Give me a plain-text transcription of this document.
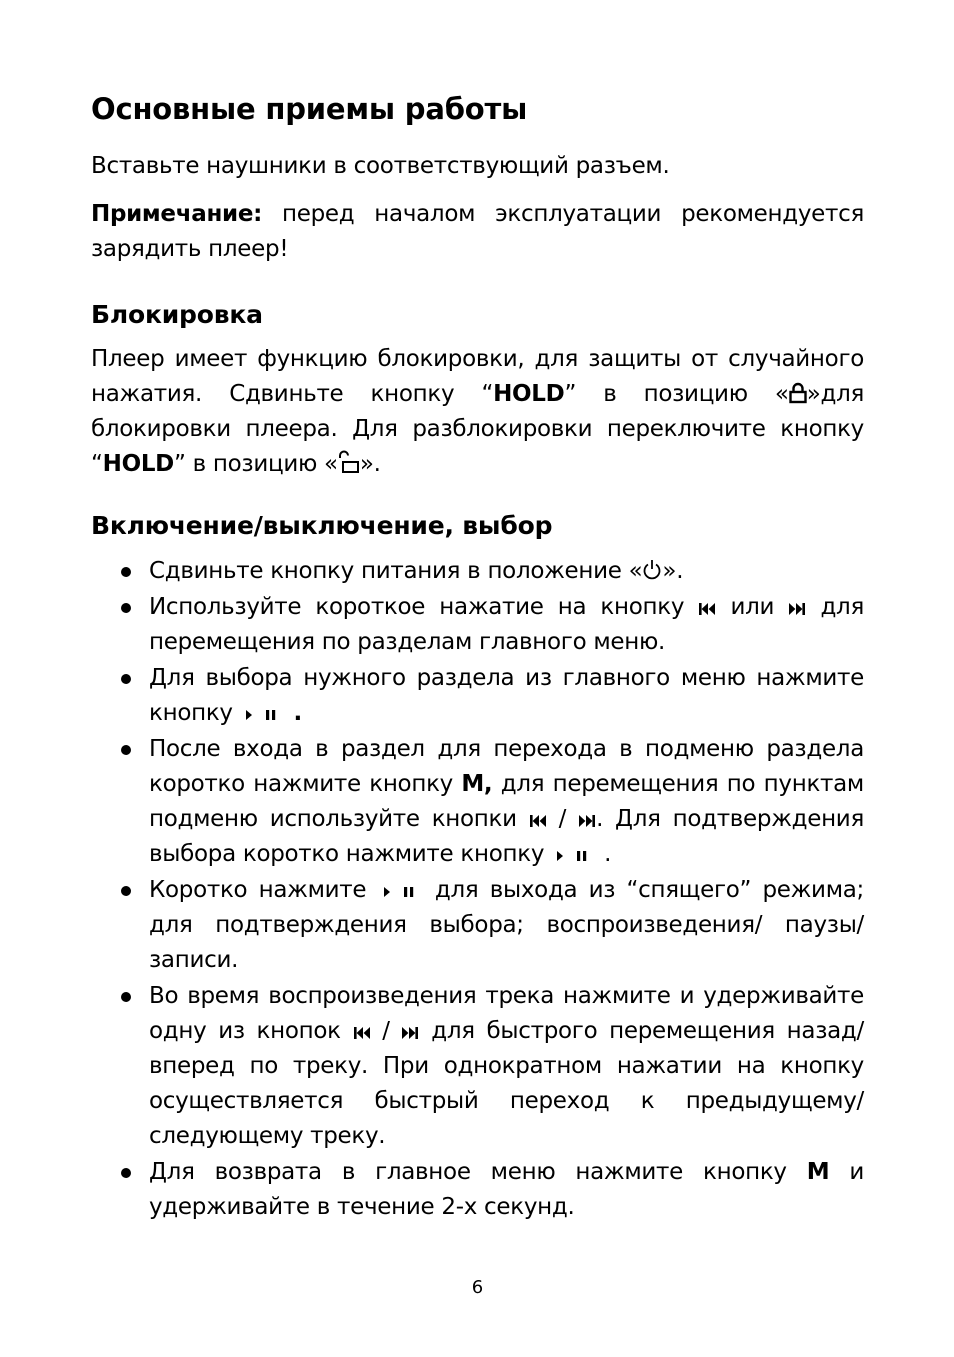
Основные приемы работы
Вставьте наушники в соответствующий разъем.
Примечание: перед началом эксплуатации рекомендуется зарядить плеер!
Блокировка
Плеер имеет функцию блокировки, для защиты от случайного нажатия. Сдвиньте кнопку “HOLD” в позицию « »для блокировки плеера. Для разблокировки переключите кнопку “HOLD” в позицию « ».
Включение/выключение, выбор
Сдвиньте кнопку питания в положение « ».
Используйте короткое нажатие на кнопку
или
для перемещения по разделам главного меню.
Для выбора нужного раздела из главного меню нажмите кнопку
.
После входа в раздел для перехода в подменю раздела коротко нажмите кнопку М, для перемещения по пунктам подменю используйте кнопки
/
. Для подтверждения выбора коротко нажмите кнопку
.
Коротко нажмите
для выхода из “спящего” режима; для подтверждения выбора; воспроизведения/ паузы/ записи.
Во время воспроизведения трека нажмите и удерживайте одну из кнопок
/
для быстрого перемещения назад/вперед по треку. При однократном нажатии на кнопку осуществляется быстрый переход к предыдущему/ следующему треку.
Для возврата в главное меню нажмите кнопку М и удерживайте в течение 2-х секунд.
6
